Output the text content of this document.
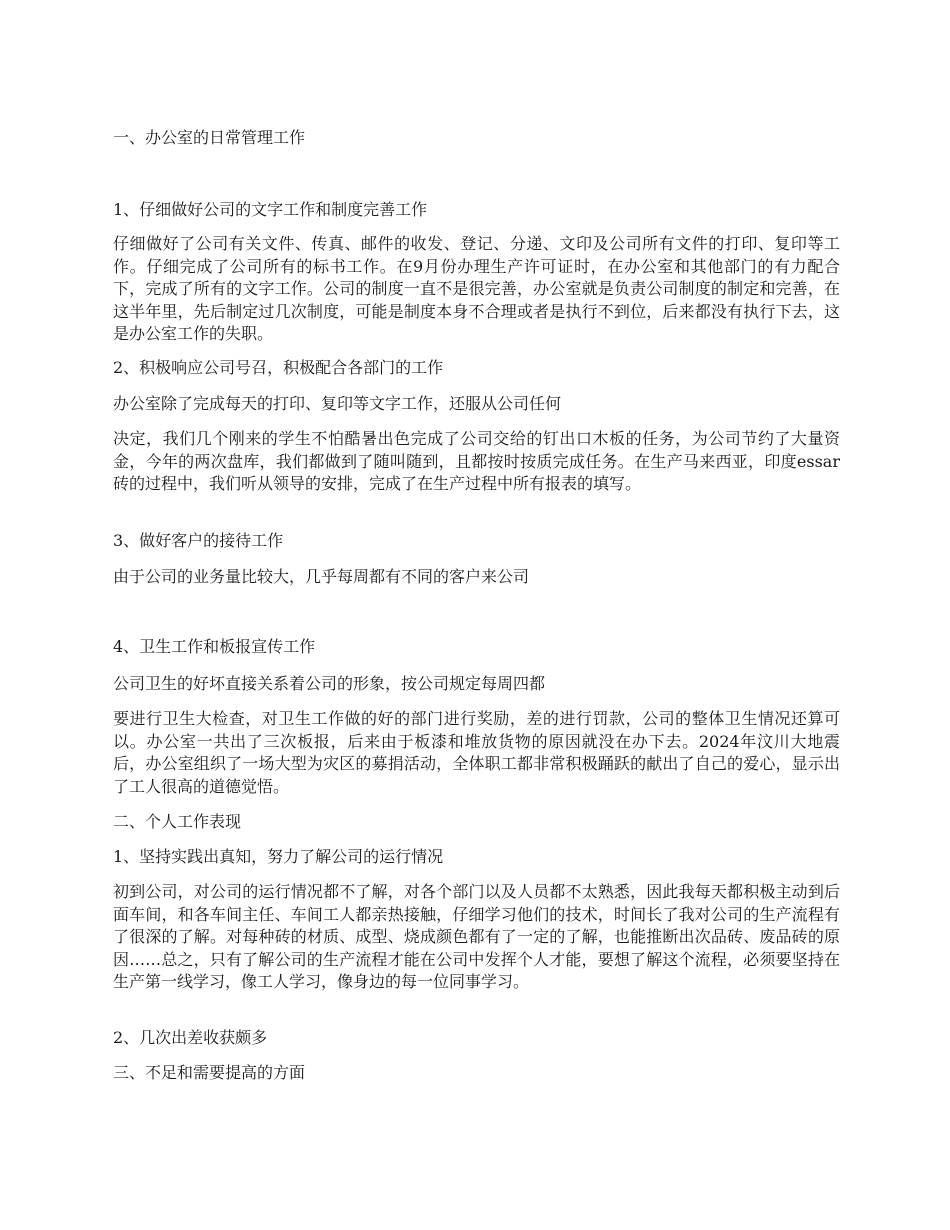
一、办公室的日常管理工作

1、仔细做好公司的文字工作和制度完善工作

仔细做好了公司有关文件、传真、邮件的收发、登记、分递、文印及公司所有文件的打印、复印等工作。仔细完成了公司所有的标书工作。在9月份办理生产许可证时，在办公室和其他部门的有力配合下，完成了所有的文字工作。公司的制度一直不是很完善，办公室就是负责公司制度的制定和完善，在这半年里，先后制定过几次制度，可能是制度本身不合理或者是执行不到位，后来都没有执行下去，这是办公室工作的失职。

2、积极响应公司号召，积极配合各部门的工作

办公室除了完成每天的打印、复印等文字工作，还服从公司任何

决定，我们几个刚来的学生不怕酷暑出色完成了公司交给的钉出口木板的任务，为公司节约了大量资金，今年的两次盘库，我们都做到了随叫随到，且都按时按质完成任务。在生产马来西亚，印度essar砖的过程中，我们听从领导的安排，完成了在生产过程中所有报表的填写。

3、做好客户的接待工作

由于公司的业务量比较大，几乎每周都有不同的客户来公司

4、卫生工作和板报宣传工作

公司卫生的好坏直接关系着公司的形象，按公司规定每周四都

要进行卫生大检查，对卫生工作做的好的部门进行奖励，差的进行罚款，公司的整体卫生情况还算可以。办公室一共出了三次板报，后来由于板漆和堆放货物的原因就没在办下去。2024年汶川大地震后，办公室组织了一场大型为灾区的募捐活动，全体职工都非常积极踊跃的献出了自己的爱心，显示出了工人很高的道德觉悟。

二、个人工作表现

1、坚持实践出真知，努力了解公司的运行情况

初到公司，对公司的运行情况都不了解，对各个部门以及人员都不太熟悉，因此我每天都积极主动到后面车间，和各车间主任、车间工人都亲热接触，仔细学习他们的技术，时间长了我对公司的生产流程有了很深的了解。对每种砖的材质、成型、烧成颜色都有了一定的了解，也能推断出次品砖、废品砖的原因……总之，只有了解公司的生产流程才能在公司中发挥个人才能，要想了解这个流程，必须要坚持在生产第一线学习，像工人学习，像身边的每一位同事学习。

2、几次出差收获颇多

三、不足和需要提高的方面
